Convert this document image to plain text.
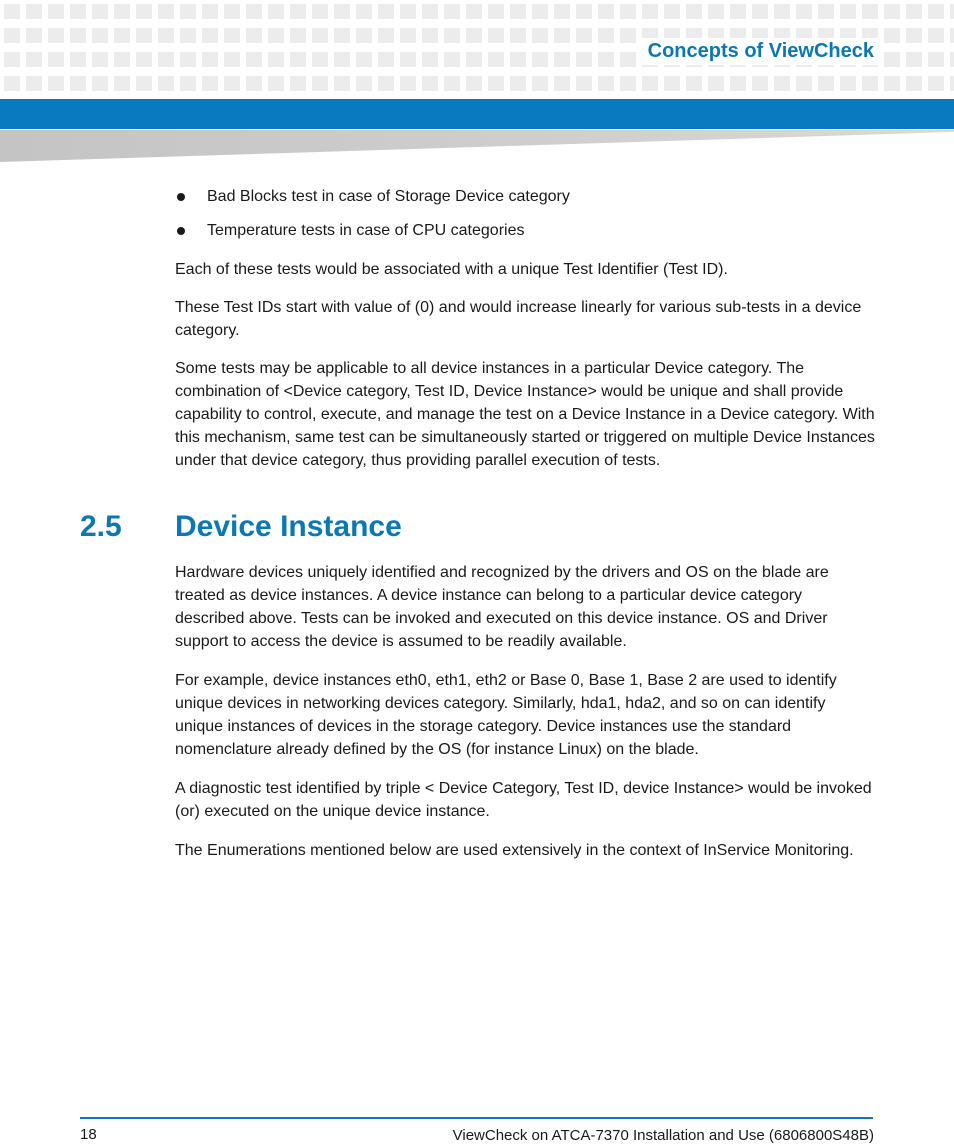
Concepts of ViewCheck
Bad Blocks test in case of Storage Device category
Temperature tests in case of CPU categories

Each of these tests would be associated with a unique Test Identifier (Test ID).

These Test IDs start with value of (0) and would increase linearly for various sub-tests in a device category.

Some tests may be applicable to all device instances in a particular Device category. The combination of <Device category, Test ID, Device Instance> would be unique and shall provide capability to control, execute, and manage the test on a Device Instance in a Device category. With this mechanism, same test can be simultaneously started or triggered on multiple Device Instances under that device category, thus providing parallel execution of tests.

Hardware devices uniquely identified and recognized by the drivers and OS on the blade are treated as device instances. A device instance can belong to a particular device category described above. Tests can be invoked and executed on this device instance. OS and Driver support to access the device is assumed to be readily available.

For example, device instances eth0, eth1, eth2 or Base 0, Base 1, Base 2 are used to identify unique devices in networking devices category. Similarly, hda1, hda2, and so on can identify unique instances of devices in the storage category. Device instances use the standard nomenclature already defined by the OS (for instance Linux) on the blade.

A diagnostic test identified by triple < Device Category, Test ID, device Instance> would be invoked (or) executed on the unique device instance.

The Enumerations mentioned below are used extensively in the context of InService Monitoring.

2.5 Device Instance
18	ViewCheck on ATCA-7370 Installation and Use (6806800S48B)
